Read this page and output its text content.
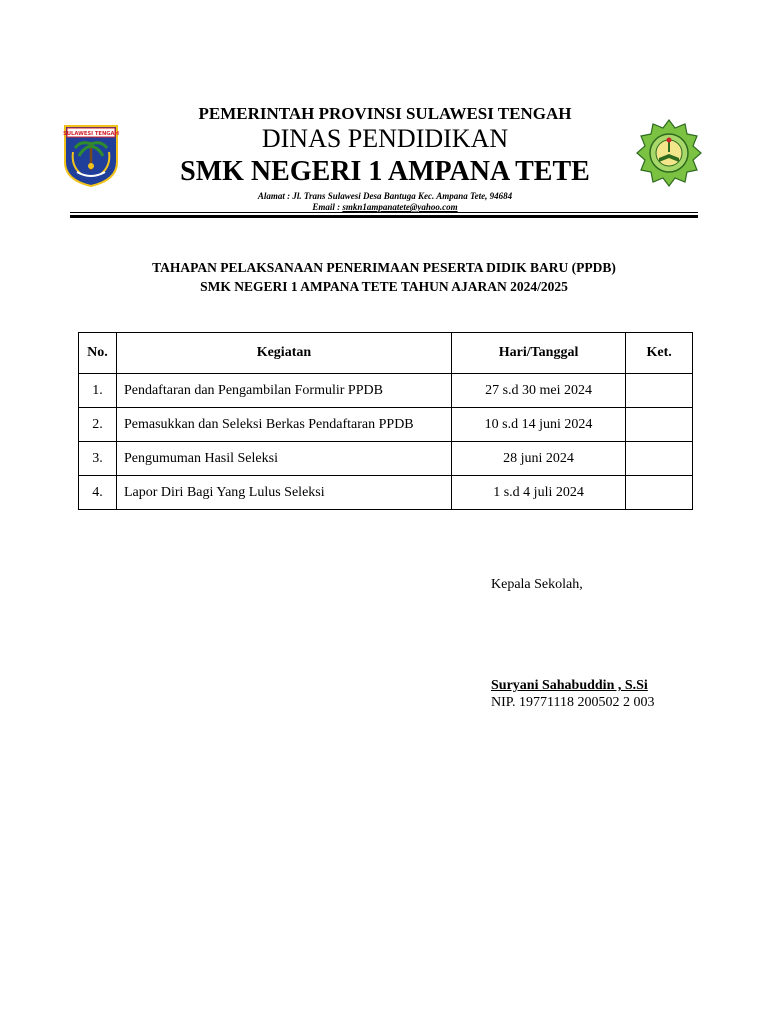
SULAWESI TENGAH
PEMERINTAH PROVINSI SULAWESI TENGAH
DINAS PENDIDIKAN
SMK NEGERI 1 AMPANA TETE
Alamat : Jl. Trans Sulawesi Desa Bantuga Kec. Ampana Tete, 94684
Email : smkn1ampanatete@yahoo.com
TAHAPAN PELAKSANAAN PENERIMAAN PESERTA DIDIK BARU (PPDB)
SMK NEGERI 1 AMPANA TETE TAHUN AJARAN 2024/2025
No.	Kegiatan	Hari/Tanggal	Ket.
1.	Pendaftaran dan Pengambilan Formulir PPDB	27 s.d 30 mei 2024	
2.	Pemasukkan dan Seleksi Berkas Pendaftaran PPDB	10 s.d 14 juni 2024	
3.	Pengumuman Hasil Seleksi	28 juni 2024	
4.	Lapor Diri Bagi Yang Lulus Seleksi	1 s.d 4 juli 2024	
Kepala Sekolah,
Suryani Sahabuddin , S.Si
NIP. 19771118 200502 2 003
